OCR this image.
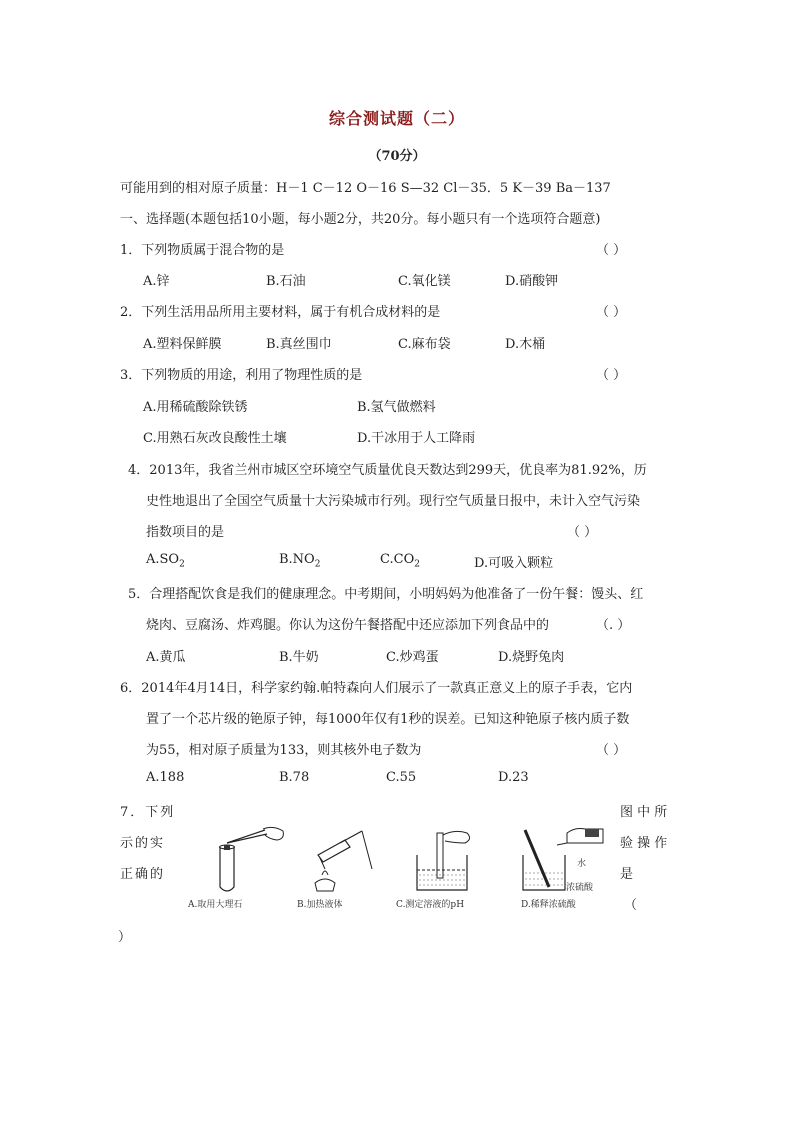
综合测试题（二）
（70分）
可能用到的相对原子质量：H－1 C－12 O－16 S—32 Cl－35．5 K－39 Ba－137
一、选择题(本题包括10小题，每小题2分，共20分。每小题只有一个选项符合题意)
1．下列物质属于混合物的是	（ ）
A.锌	B.石油	C.氧化镁	D.硝酸钾
2．下列生活用品所用主要材料，属于有机合成材料的是	（ ）
A.塑料保鲜膜	B.真丝围巾	C.麻布袋	D.木桶
3．下列物质的用途，利用了物理性质的是	（ ）
A.用稀硫酸除铁锈	B.氢气做燃料
C.用熟石灰改良酸性土壤	D.干冰用于人工降雨
4．2013年，我省兰州市城区空环境空气质量优良天数达到299天，优良率为81.92%，历
史性地退出了全国空气质量十大污染城市行列。现行空气质量日报中，未计入空气污染
指数项目的是	（ ）
$A.SO_2$	$B.NO_2$	$C.CO_2$	D.可吸入颗粒
5．合理搭配饮食是我们的健康理念。中考期间，小明妈妈为他准备了一份午餐：馒头、红
烧肉、豆腐汤、炸鸡腿。你认为这份午餐搭配中还应添加下列食品中的	（. ）
A.黄瓜	B.牛奶	C.炒鸡蛋	D.烧野兔肉
6．2014年4月14日，科学家约翰.帕特森向人们展示了一款真正意义上的原子手表，它内
置了一个芯片级的铯原子钟，每1000年仅有1秒的误差。已知这种铯原子核内质子数
为55，相对原子质量为133，则其核外电子数为	（ ）
A.188	B.78	C.55	D.23
7．下列
示的实
正确的
图 中 所
验 操 作
是
（
）
A.取用大理石	B.加热液体	C.测定溶液的pH
水
浓硫酸
D.稀释浓硫酸
